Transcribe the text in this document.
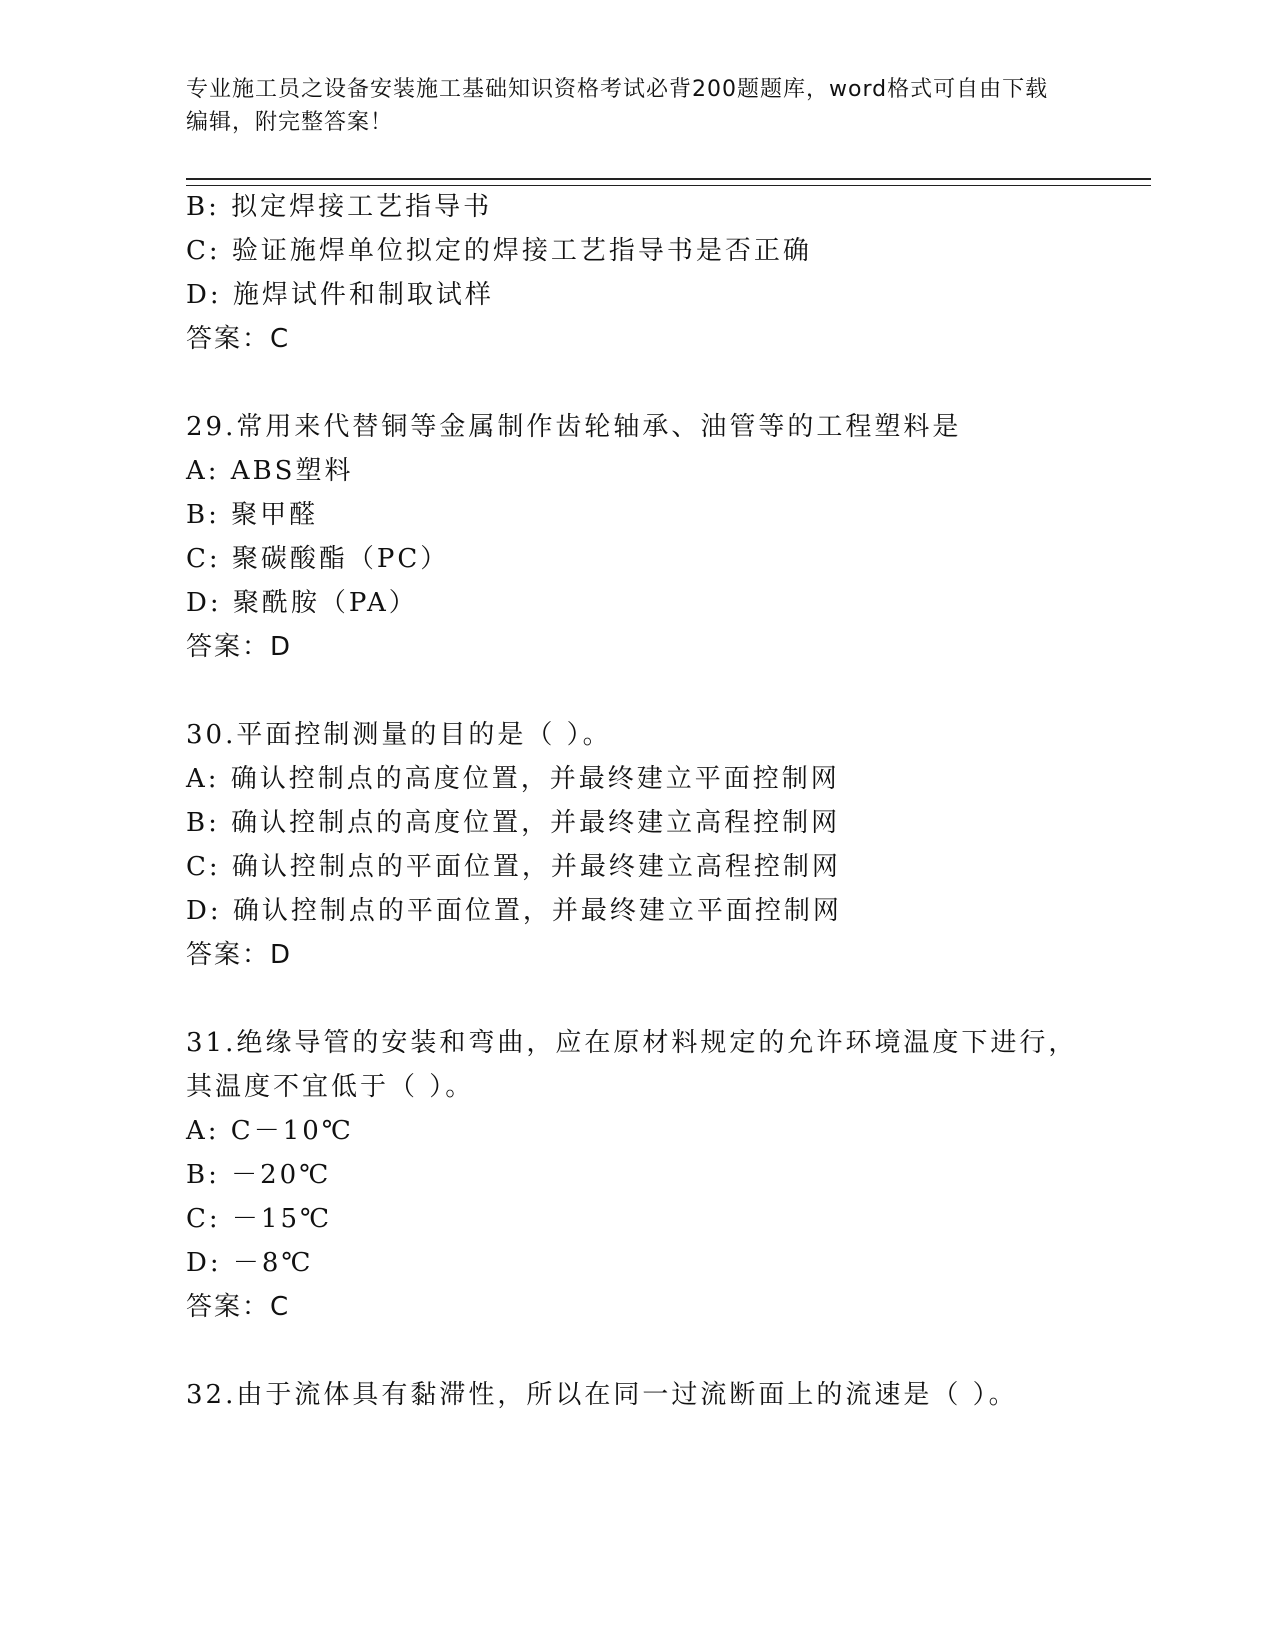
专业施工员之设备安装施工基础知识资格考试必背200题题库，word格式可自由下载编辑，附完整答案！
B: 拟定焊接工艺指导书
C: 验证施焊单位拟定的焊接工艺指导书是否正确
D: 施焊试件和制取试样
答案：C
29.常用来代替铜等金属制作齿轮轴承、油管等的工程塑料是
A: ABS塑料
B: 聚甲醛
C: 聚碳酸酯（PC）
D: 聚酰胺（PA）
答案：D
30.平面控制测量的目的是（ ）。
A: 确认控制点的高度位置，并最终建立平面控制网
B: 确认控制点的高度位置，并最终建立高程控制网
C: 确认控制点的平面位置，并最终建立高程控制网
D: 确认控制点的平面位置，并最终建立平面控制网
答案：D
31.绝缘导管的安装和弯曲，应在原材料规定的允许环境温度下进行，
其温度不宜低于（ ）。
A: C－10℃
B: －20℃
C: －15℃
D: －8℃
答案：C
32.由于流体具有黏滞性，所以在同一过流断面上的流速是（ ）。
